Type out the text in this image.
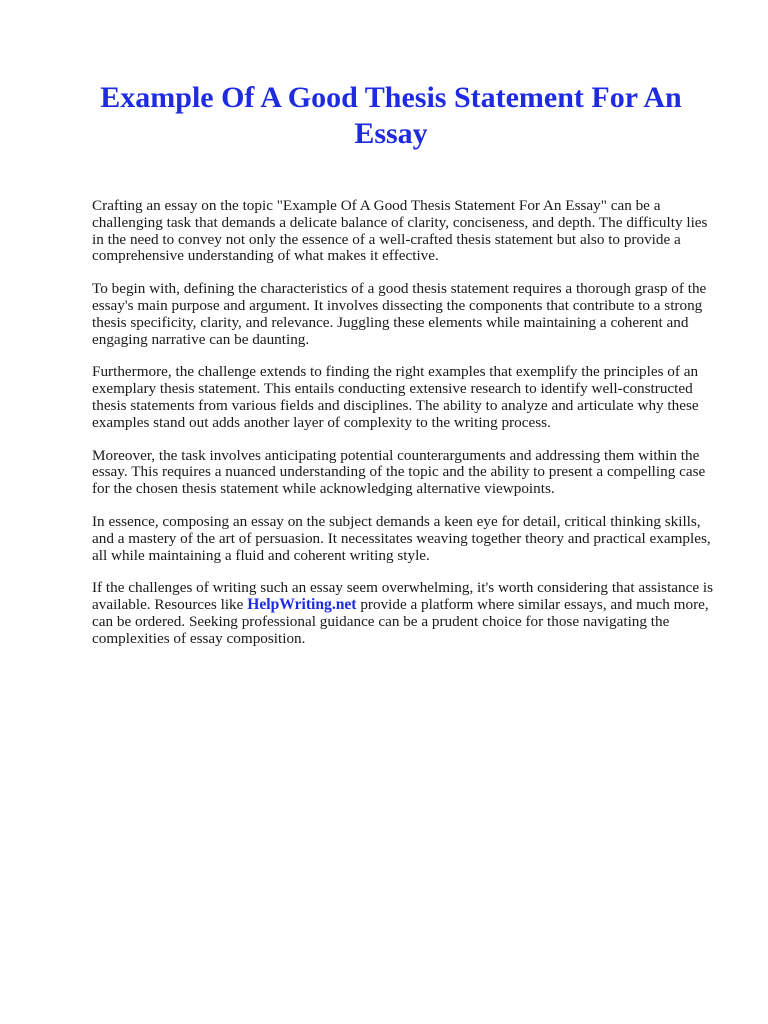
Example Of A Good Thesis Statement For An Essay

Crafting an essay on the topic "Example Of A Good Thesis Statement For An Essay" can be a challenging task that demands a delicate balance of clarity, conciseness, and depth. The difficulty lies in the need to convey not only the essence of a well-crafted thesis statement but also to provide a comprehensive understanding of what makes it effective.

To begin with, defining the characteristics of a good thesis statement requires a thorough grasp of the essay's main purpose and argument. It involves dissecting the components that contribute to a strong thesis specificity, clarity, and relevance. Juggling these elements while maintaining a coherent and engaging narrative can be daunting.

Furthermore, the challenge extends to finding the right examples that exemplify the principles of an exemplary thesis statement. This entails conducting extensive research to identify well-constructed thesis statements from various fields and disciplines. The ability to analyze and articulate why these examples stand out adds another layer of complexity to the writing process.

Moreover, the task involves anticipating potential counterarguments and addressing them within the essay. This requires a nuanced understanding of the topic and the ability to present a compelling case for the chosen thesis statement while acknowledging alternative viewpoints.

In essence, composing an essay on the subject demands a keen eye for detail, critical thinking skills, and a mastery of the art of persuasion. It necessitates weaving together theory and practical examples, all while maintaining a fluid and coherent writing style.

If the challenges of writing such an essay seem overwhelming, it's worth considering that assistance is available. Resources like HelpWriting.net provide a platform where similar essays, and much more, can be ordered. Seeking professional guidance can be a prudent choice for those navigating the complexities of essay composition.
